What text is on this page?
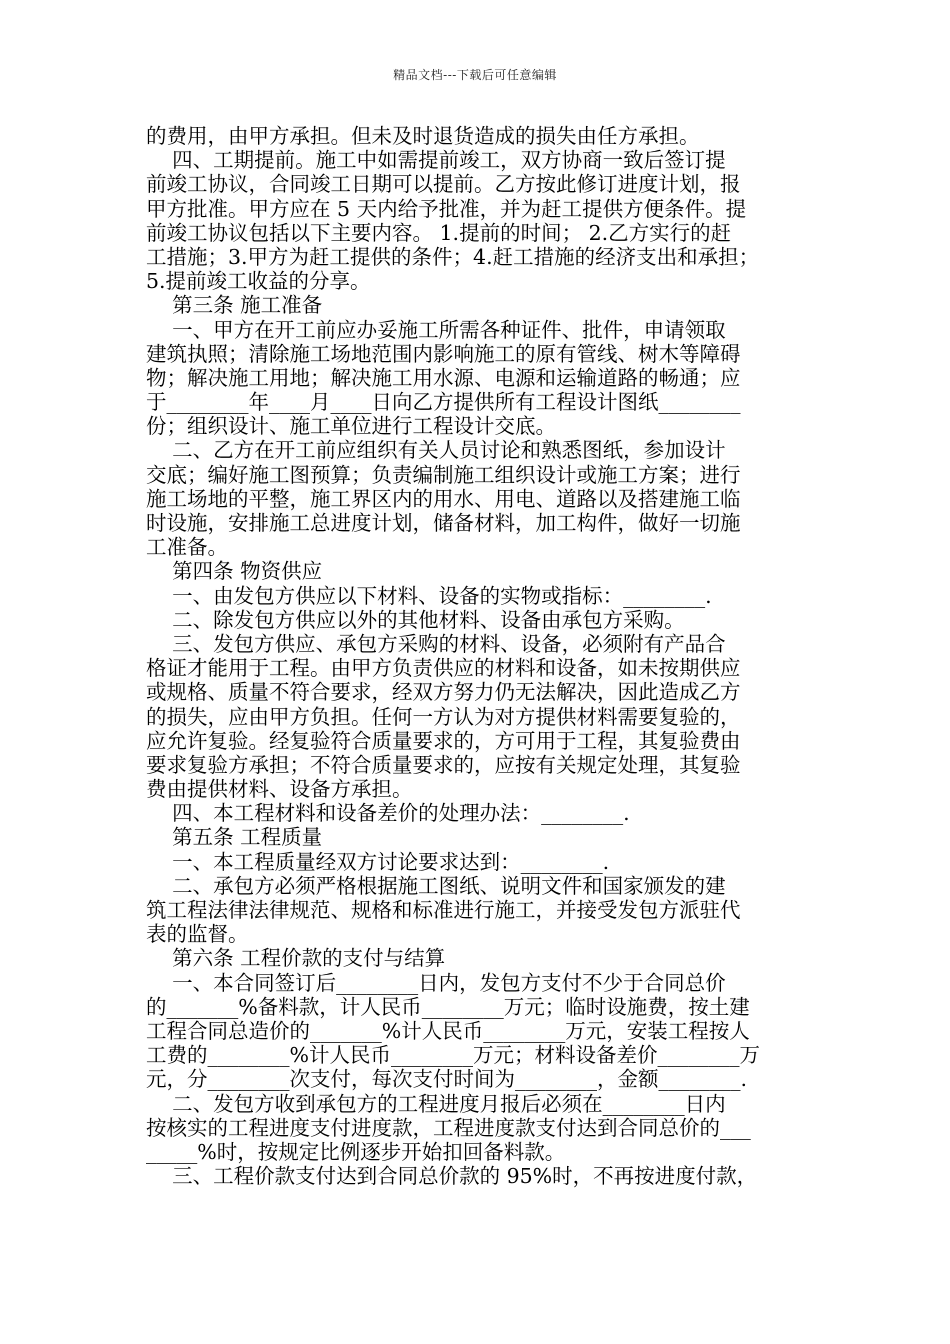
精品文档---下载后可任意编辑
的费用，由甲方承担。但未及时退货造成的损失由任方承担。
四、工期提前。施工中如需提前竣工，双方协商一致后签订提
前竣工协议，合同竣工日期可以提前。乙方按此修订进度计划，报
甲方批准。甲方应在 5 天内给予批准，并为赶工提供方便条件。提
前竣工协议包括以下主要内容。 1.提前的时间； 2.乙方实行的赶
工措施；3.甲方为赶工提供的条件；4.赶工措施的经济支出和承担；
5.提前竣工收益的分享。
第三条 施工准备
一、甲方在开工前应办妥施工所需各种证件、批件，申请领取
建筑执照；清除施工场地范围内影响施工的原有管线、树木等障碍
物；解决施工用地；解决施工用水源、电源和运输道路的畅通；应
于________年____月____日向乙方提供所有工程设计图纸________
份；组织设计、施工单位进行工程设计交底。
二、乙方在开工前应组织有关人员讨论和熟悉图纸，参加设计
交底；编好施工图预算；负责编制施工组织设计或施工方案；进行
施工场地的平整，施工界区内的用水、用电、道路以及搭建施工临
时设施，安排施工总进度计划，储备材料，加工构件，做好一切施
工准备。
第四条 物资供应
一、由发包方供应以下材料、设备的实物或指标：________.
二、除发包方供应以外的其他材料、设备由承包方采购。
三、发包方供应、承包方采购的材料、设备，必须附有产品合
格证才能用于工程。由甲方负责供应的材料和设备，如未按期供应
或规格、质量不符合要求，经双方努力仍无法解决，因此造成乙方
的损失，应由甲方负担。任何一方认为对方提供材料需要复验的，
应允许复验。经复验符合质量要求的，方可用于工程，其复验费由
要求复验方承担；不符合质量要求的，应按有关规定处理，其复验
费由提供材料、设备方承担。
四、本工程材料和设备差价的处理办法：________.
第五条 工程质量
一、本工程质量经双方讨论要求达到：________.
二、承包方必须严格根据施工图纸、说明文件和国家颁发的建
筑工程法律法律规范、规格和标准进行施工，并接受发包方派驻代
表的监督。
第六条 工程价款的支付与结算
一、本合同签订后________日内，发包方支付不少于合同总价
的_______%备料款，计人民币________万元；临时设施费，按土建
工程合同总造价的_______%计人民币________万元，安装工程按人
工费的________%计人民币________万元；材料设备差价________万
元，分________次支付，每次支付时间为________，金额________.
二、发包方收到承包方的工程进度月报后必须在________日内
按核实的工程进度支付进度款，工程进度款支付达到合同总价的___
_____%时，按规定比例逐步开始扣回备料款。
三、工程价款支付达到合同总价款的 95%时，不再按进度付款，
